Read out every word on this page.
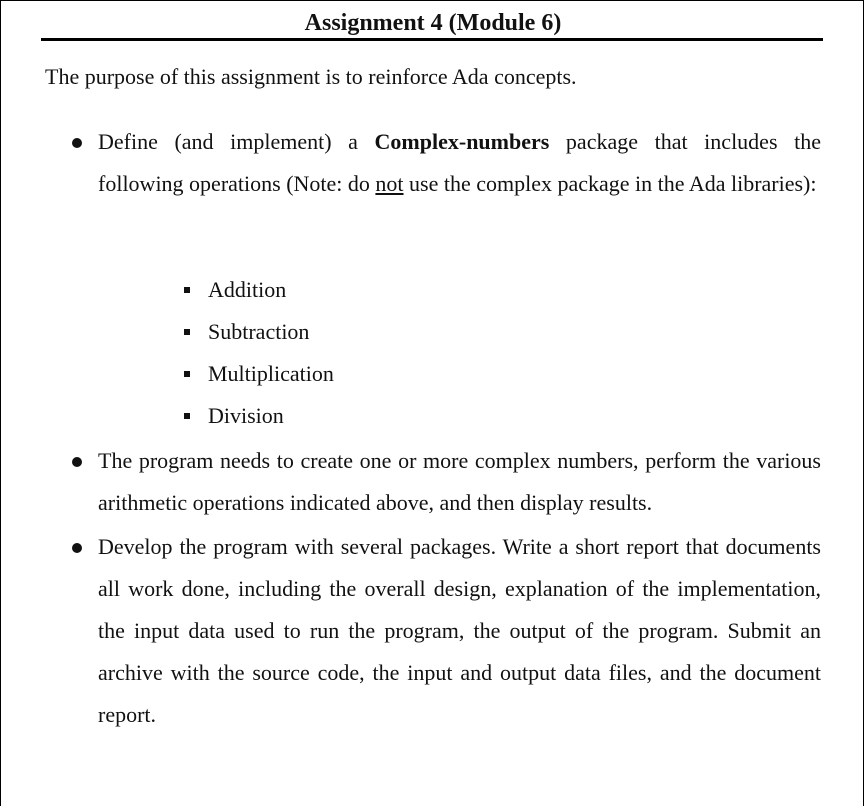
Assignment 4 (Module 6)
The purpose of this assignment is to reinforce Ada concepts.
Define (and implement) a Complex-numbers package that includes the following operations (Note: do not use the complex package in the Ada libraries):
Addition
Subtraction
Multiplication
Division
The program needs to create one or more complex numbers, perform the various arithmetic operations indicated above, and then display results.
Develop the program with several packages. Write a short report that documents all work done, including the overall design, explanation of the implementation, the input data used to run the program, the output of the program. Submit an archive with the source code, the input and output data files, and the document report.
